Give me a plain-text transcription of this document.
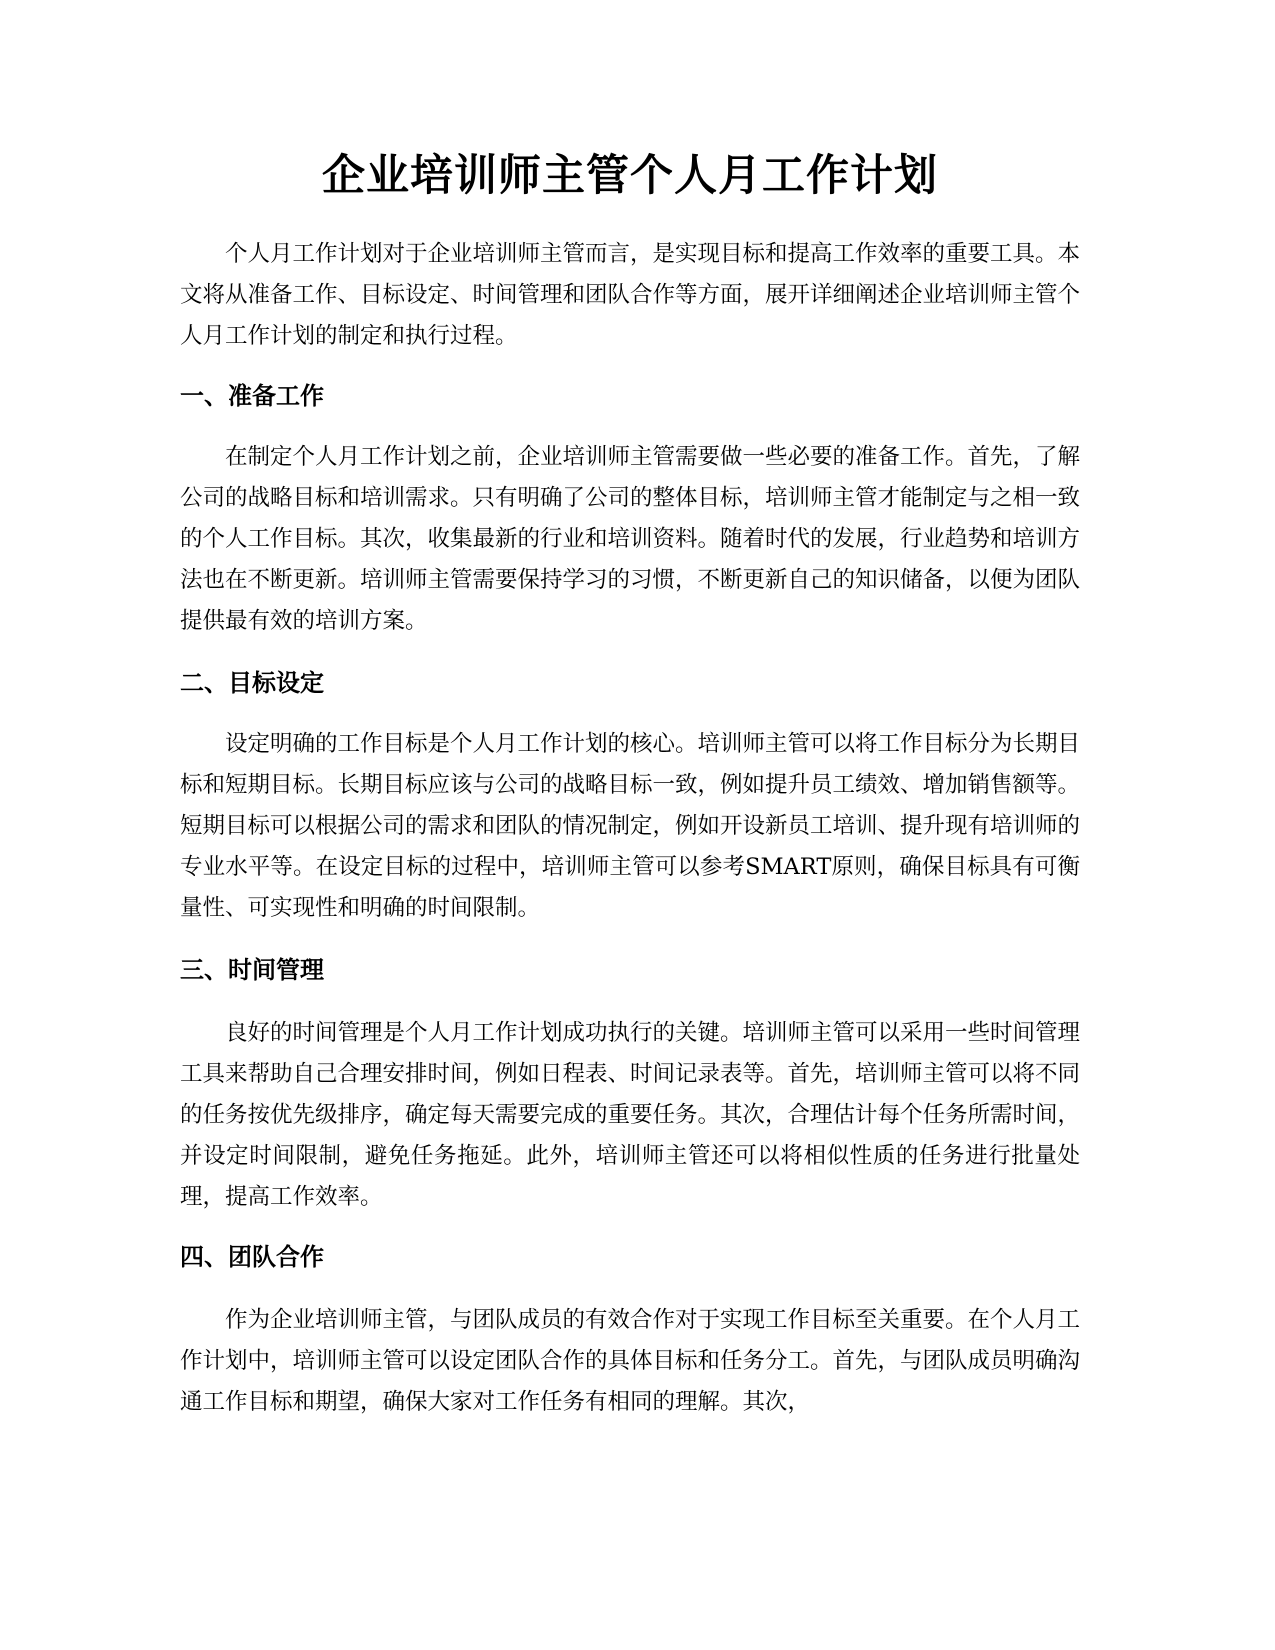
企业培训师主管个人月工作计划

个人月工作计划对于企业培训师主管而言，是实现目标和提高工作效率的重要工具。本文将从准备工作、目标设定、时间管理和团队合作等方面，展开详细阐述企业培训师主管个人月工作计划的制定和执行过程。

一、准备工作

在制定个人月工作计划之前，企业培训师主管需要做一些必要的准备工作。首先，了解公司的战略目标和培训需求。只有明确了公司的整体目标，培训师主管才能制定与之相一致的个人工作目标。其次，收集最新的行业和培训资料。随着时代的发展，行业趋势和培训方法也在不断更新。培训师主管需要保持学习的习惯，不断更新自己的知识储备，以便为团队提供最有效的培训方案。

二、目标设定

设定明确的工作目标是个人月工作计划的核心。培训师主管可以将工作目标分为长期目标和短期目标。长期目标应该与公司的战略目标一致，例如提升员工绩效、增加销售额等。短期目标可以根据公司的需求和团队的情况制定，例如开设新员工培训、提升现有培训师的专业水平等。在设定目标的过程中，培训师主管可以参考SMART原则，确保目标具有可衡量性、可实现性和明确的时间限制。

三、时间管理

良好的时间管理是个人月工作计划成功执行的关键。培训师主管可以采用一些时间管理工具来帮助自己合理安排时间，例如日程表、时间记录表等。首先，培训师主管可以将不同的任务按优先级排序，确定每天需要完成的重要任务。其次，合理估计每个任务所需时间，并设定时间限制，避免任务拖延。此外，培训师主管还可以将相似性质的任务进行批量处理，提高工作效率。

四、团队合作

作为企业培训师主管，与团队成员的有效合作对于实现工作目标至关重要。在个人月工作计划中，培训师主管可以设定团队合作的具体目标和任务分工。首先，与团队成员明确沟通工作目标和期望，确保大家对工作任务有相同的理解。其次，
